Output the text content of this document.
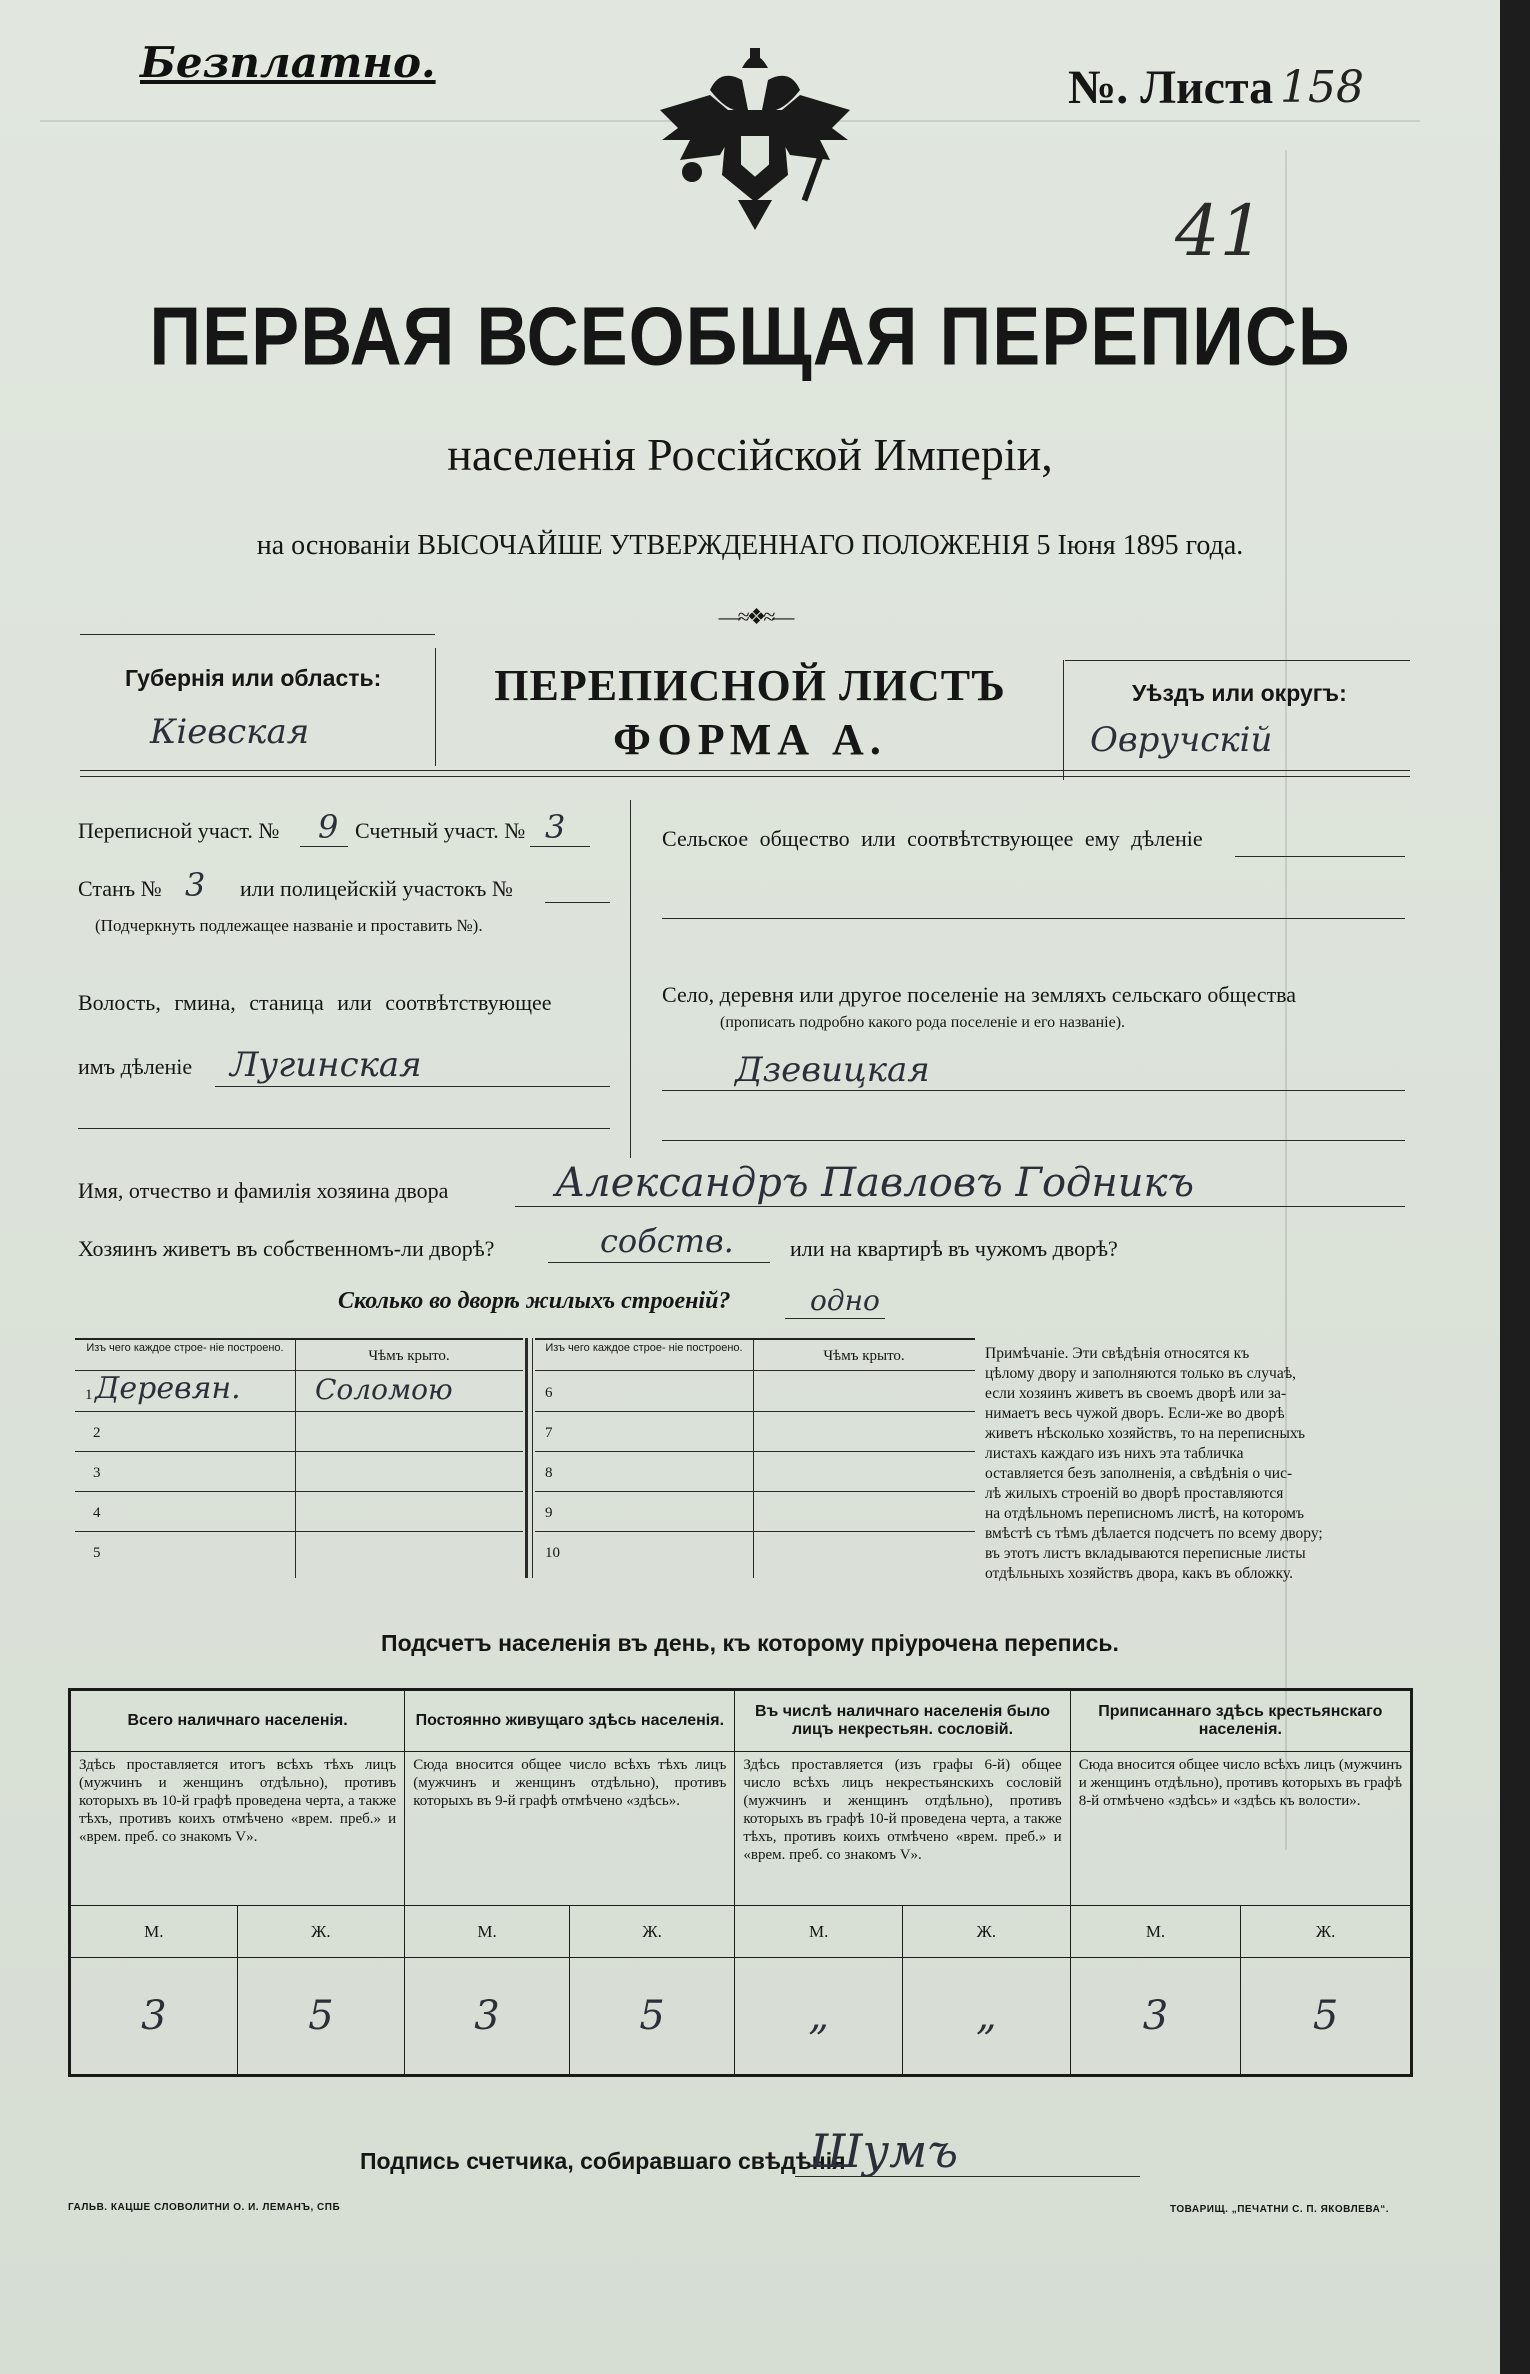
Безплатно.	№. Листа 158
41
ПЕРВАЯ ВСЕОБЩАЯ ПЕРЕПИСЬ
населенія Россійской Имперіи,
на основаніи ВЫСОЧАЙШЕ УТВЕРЖДЕННАГО ПОЛОЖЕНІЯ 5 Іюня 1895 года.
―≈❖≈―
Губернія или область:
Кіевская
ПЕРЕПИСНОЙ ЛИСТЪ
ФОРМА А.
Уѣздъ или округъ:
Овручскій
Переписной участ. № 9 Счетный участ. № 3
Станъ № 3 или полицейскій участокъ №
(Подчеркнуть подлежащее названіе и проставить №).
Волость, гмина, станица или соотвѣтствующее
имъ дѣленіе Лугинская
Сельское общество или соотвѣтствующее ему дѣленіе
Село, деревня или другое поселеніе на земляхъ сельскаго общества
(прописать подробно какого рода поселеніе и его названіе).
Дзевицкая
Имя, отчество и фамилія хозяина двора	Александръ Павловъ Годникъ
Хозяинъ живетъ въ собственномъ-ли дворѣ?	собств.	или на квартирѣ въ чужомъ дворѣ?
Сколько во дворѣ жилыхъ строеній?	одно
Изъ чего каждое строе- ніе построено.	Чѣмъ крыто.	Изъ чего каждое строе- ніе построено.	Чѣмъ крыто.
1 Деревян.	Соломою
2
3
4
5
6
7
8
9
10
Примѣчаніе. Эти свѣдѣнія относятся къ
цѣлому двору и заполняются только въ случаѣ,
если хозяинъ живетъ въ своемъ дворѣ или за-
нимаетъ весь чужой дворъ. Если-же во дворѣ
живетъ нѣсколько хозяйствъ, то на переписныхъ
листахъ каждаго изъ нихъ эта табличка
оставляется безъ заполненія, а свѣдѣнія о чис-
лѣ жилыхъ строеній во дворѣ проставляются
на отдѣльномъ переписномъ листѣ, на которомъ
вмѣстѣ съ тѣмъ дѣлается подсчетъ по всему двору;
въ этотъ листъ вкладываются переписные листы
отдѣльныхъ хозяйствъ двора, какъ въ обложку.
Подсчетъ населенія въ день, къ которому пріурочена перепись.
Всего наличнаго населенія.		Постоянно живущаго здѣсь населенія.		Въ числѣ наличнаго населенія было лицъ некрестьян. сословій.		Приписаннаго здѣсь крестьянскаго населенія.	
Здѣсь проставляется итогъ всѣхъ тѣхъ лицъ (мужчинъ и женщинъ отдѣльно), противъ которыхъ въ 10-й графѣ проведена черта, а также тѣхъ, противъ коихъ отмѣчено «врем. преб.» и «врем. преб. со знакомъ V».		Сюда вносится общее число всѣхъ тѣхъ лицъ (мужчинъ и женщинъ отдѣльно), противъ которыхъ въ 9-й графѣ отмѣчено «здѣсь».		Здѣсь проставляется (изъ графы 6-й) общее число всѣхъ лицъ некрестьянскихъ сословій (мужчинъ и женщинъ отдѣльно), противъ которыхъ въ графѣ 10-й проведена черта, а также тѣхъ, противъ коихъ отмѣчено «врем. преб.» и «врем. преб. со знакомъ V».		Сюда вносится общее число всѣхъ лицъ (мужчинъ и женщинъ отдѣльно), противъ которыхъ въ графѣ 8-й отмѣчено «здѣсь» и «здѣсь къ волости».	
М.	Ж.	М.	Ж.	М.	Ж.	М.	Ж.
3	5	3	5	„	„	3	5
Подпись счетчика, собиравшаго свѣдѣнія
Шумъ
ГАЛЬВ. КАЦШЕ СЛОВОЛИТНИ О. И. ЛЕМАНЪ, СПБ	ТОВАРИЩ. „ПЕЧАТНИ С. П. ЯКОВЛЕВА“.
